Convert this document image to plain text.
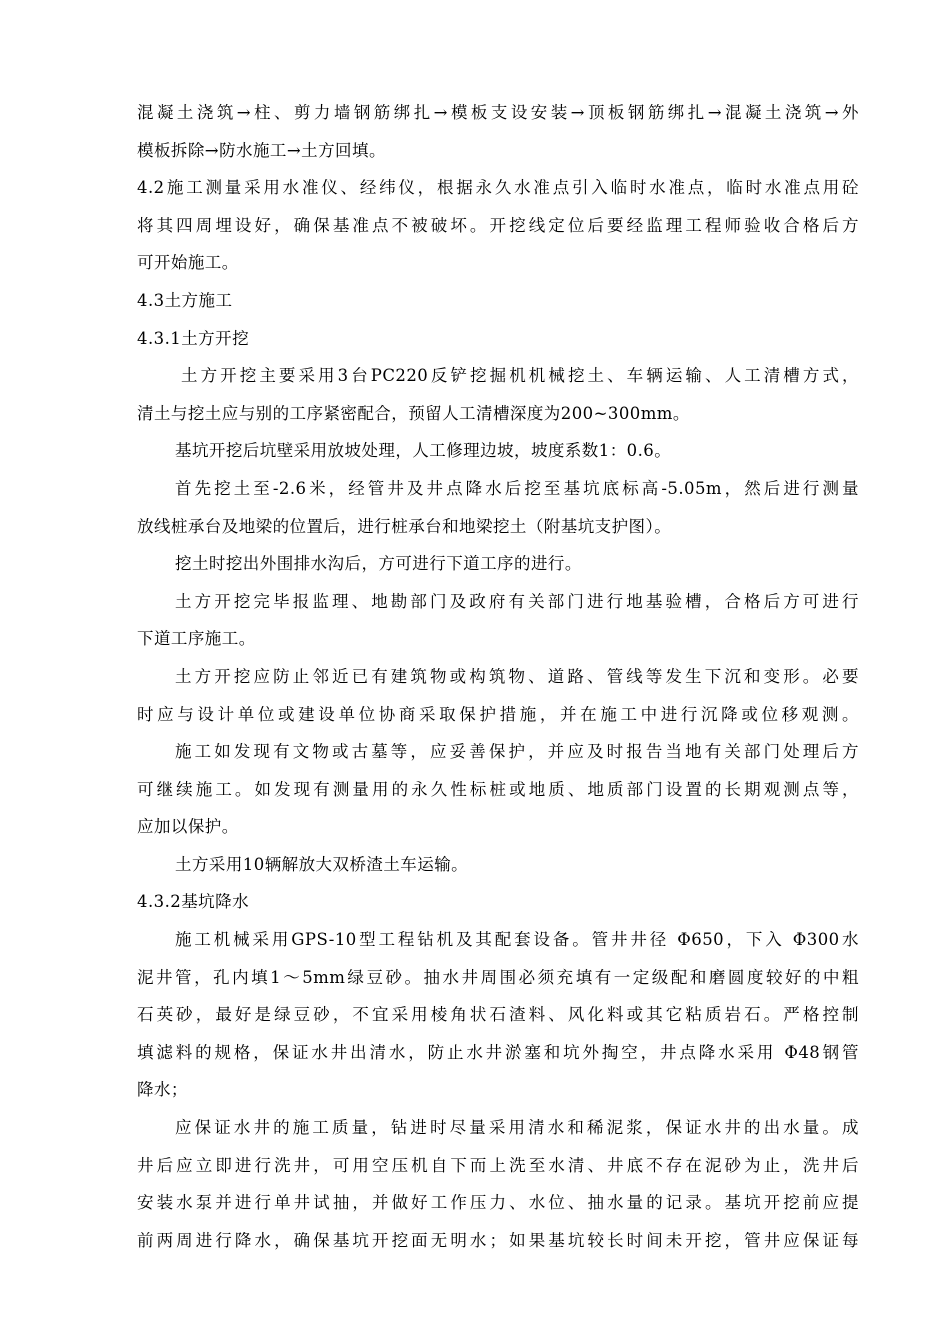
混凝土浇筑→柱、剪力墙钢筋绑扎→模板支设安装→顶板钢筋绑扎→混凝土浇筑→外
模板拆除→防水施工→土方回填。
4.2施工测量采用水准仪、经纬仪，根据永久水准点引入临时水准点，临时水准点用砼
将其四周埋设好，确保基准点不被破坏。开挖线定位后要经监理工程师验收合格后方
可开始施工。
4.3土方施工
4.3.1土方开挖
土方开挖主要采用3台PC220反铲挖掘机机械挖土、车辆运输、人工清槽方式，
清土与挖土应与别的工序紧密配合，预留人工清槽深度为200~300mm。
基坑开挖后坑壁采用放坡处理，人工修理边坡，坡度系数1：0.6。
首先挖土至-2.6米，经管井及井点降水后挖至基坑底标高-5.05m，然后进行测量
放线桩承台及地梁的位置后，进行桩承台和地梁挖土（附基坑支护图）。
挖土时挖出外围排水沟后，方可进行下道工序的进行。
土方开挖完毕报监理、地勘部门及政府有关部门进行地基验槽，合格后方可进行
下道工序施工。
土方开挖应防止邻近已有建筑物或构筑物、道路、管线等发生下沉和变形。必要
时应与设计单位或建设单位协商采取保护措施，并在施工中进行沉降或位移观测。
施工如发现有文物或古墓等，应妥善保护，并应及时报告当地有关部门处理后方
可继续施工。如发现有测量用的永久性标桩或地质、地质部门设置的长期观测点等，
应加以保护。
土方采用10辆解放大双桥渣土车运输。
4.3.2基坑降水
施工机械采用GPS-10型工程钻机及其配套设备。管井井径 Φ650，下入 Φ300水
泥井管，孔内填1～5mm绿豆砂。抽水井周围必须充填有一定级配和磨圆度较好的中粗
石英砂，最好是绿豆砂，不宜采用棱角状石渣料、风化料或其它粘质岩石。严格控制
填滤料的规格，保证水井出清水，防止水井淤塞和坑外掏空，井点降水采用 Φ48钢管
降水；
应保证水井的施工质量，钻进时尽量采用清水和稀泥浆，保证水井的出水量。成
井后应立即进行洗井，可用空压机自下而上洗至水清、井底不存在泥砂为止，洗井后
安装水泵并进行单井试抽，并做好工作压力、水位、抽水量的记录。基坑开挖前应提
前两周进行降水，确保基坑开挖面无明水；如果基坑较长时间未开挖，管井应保证每
